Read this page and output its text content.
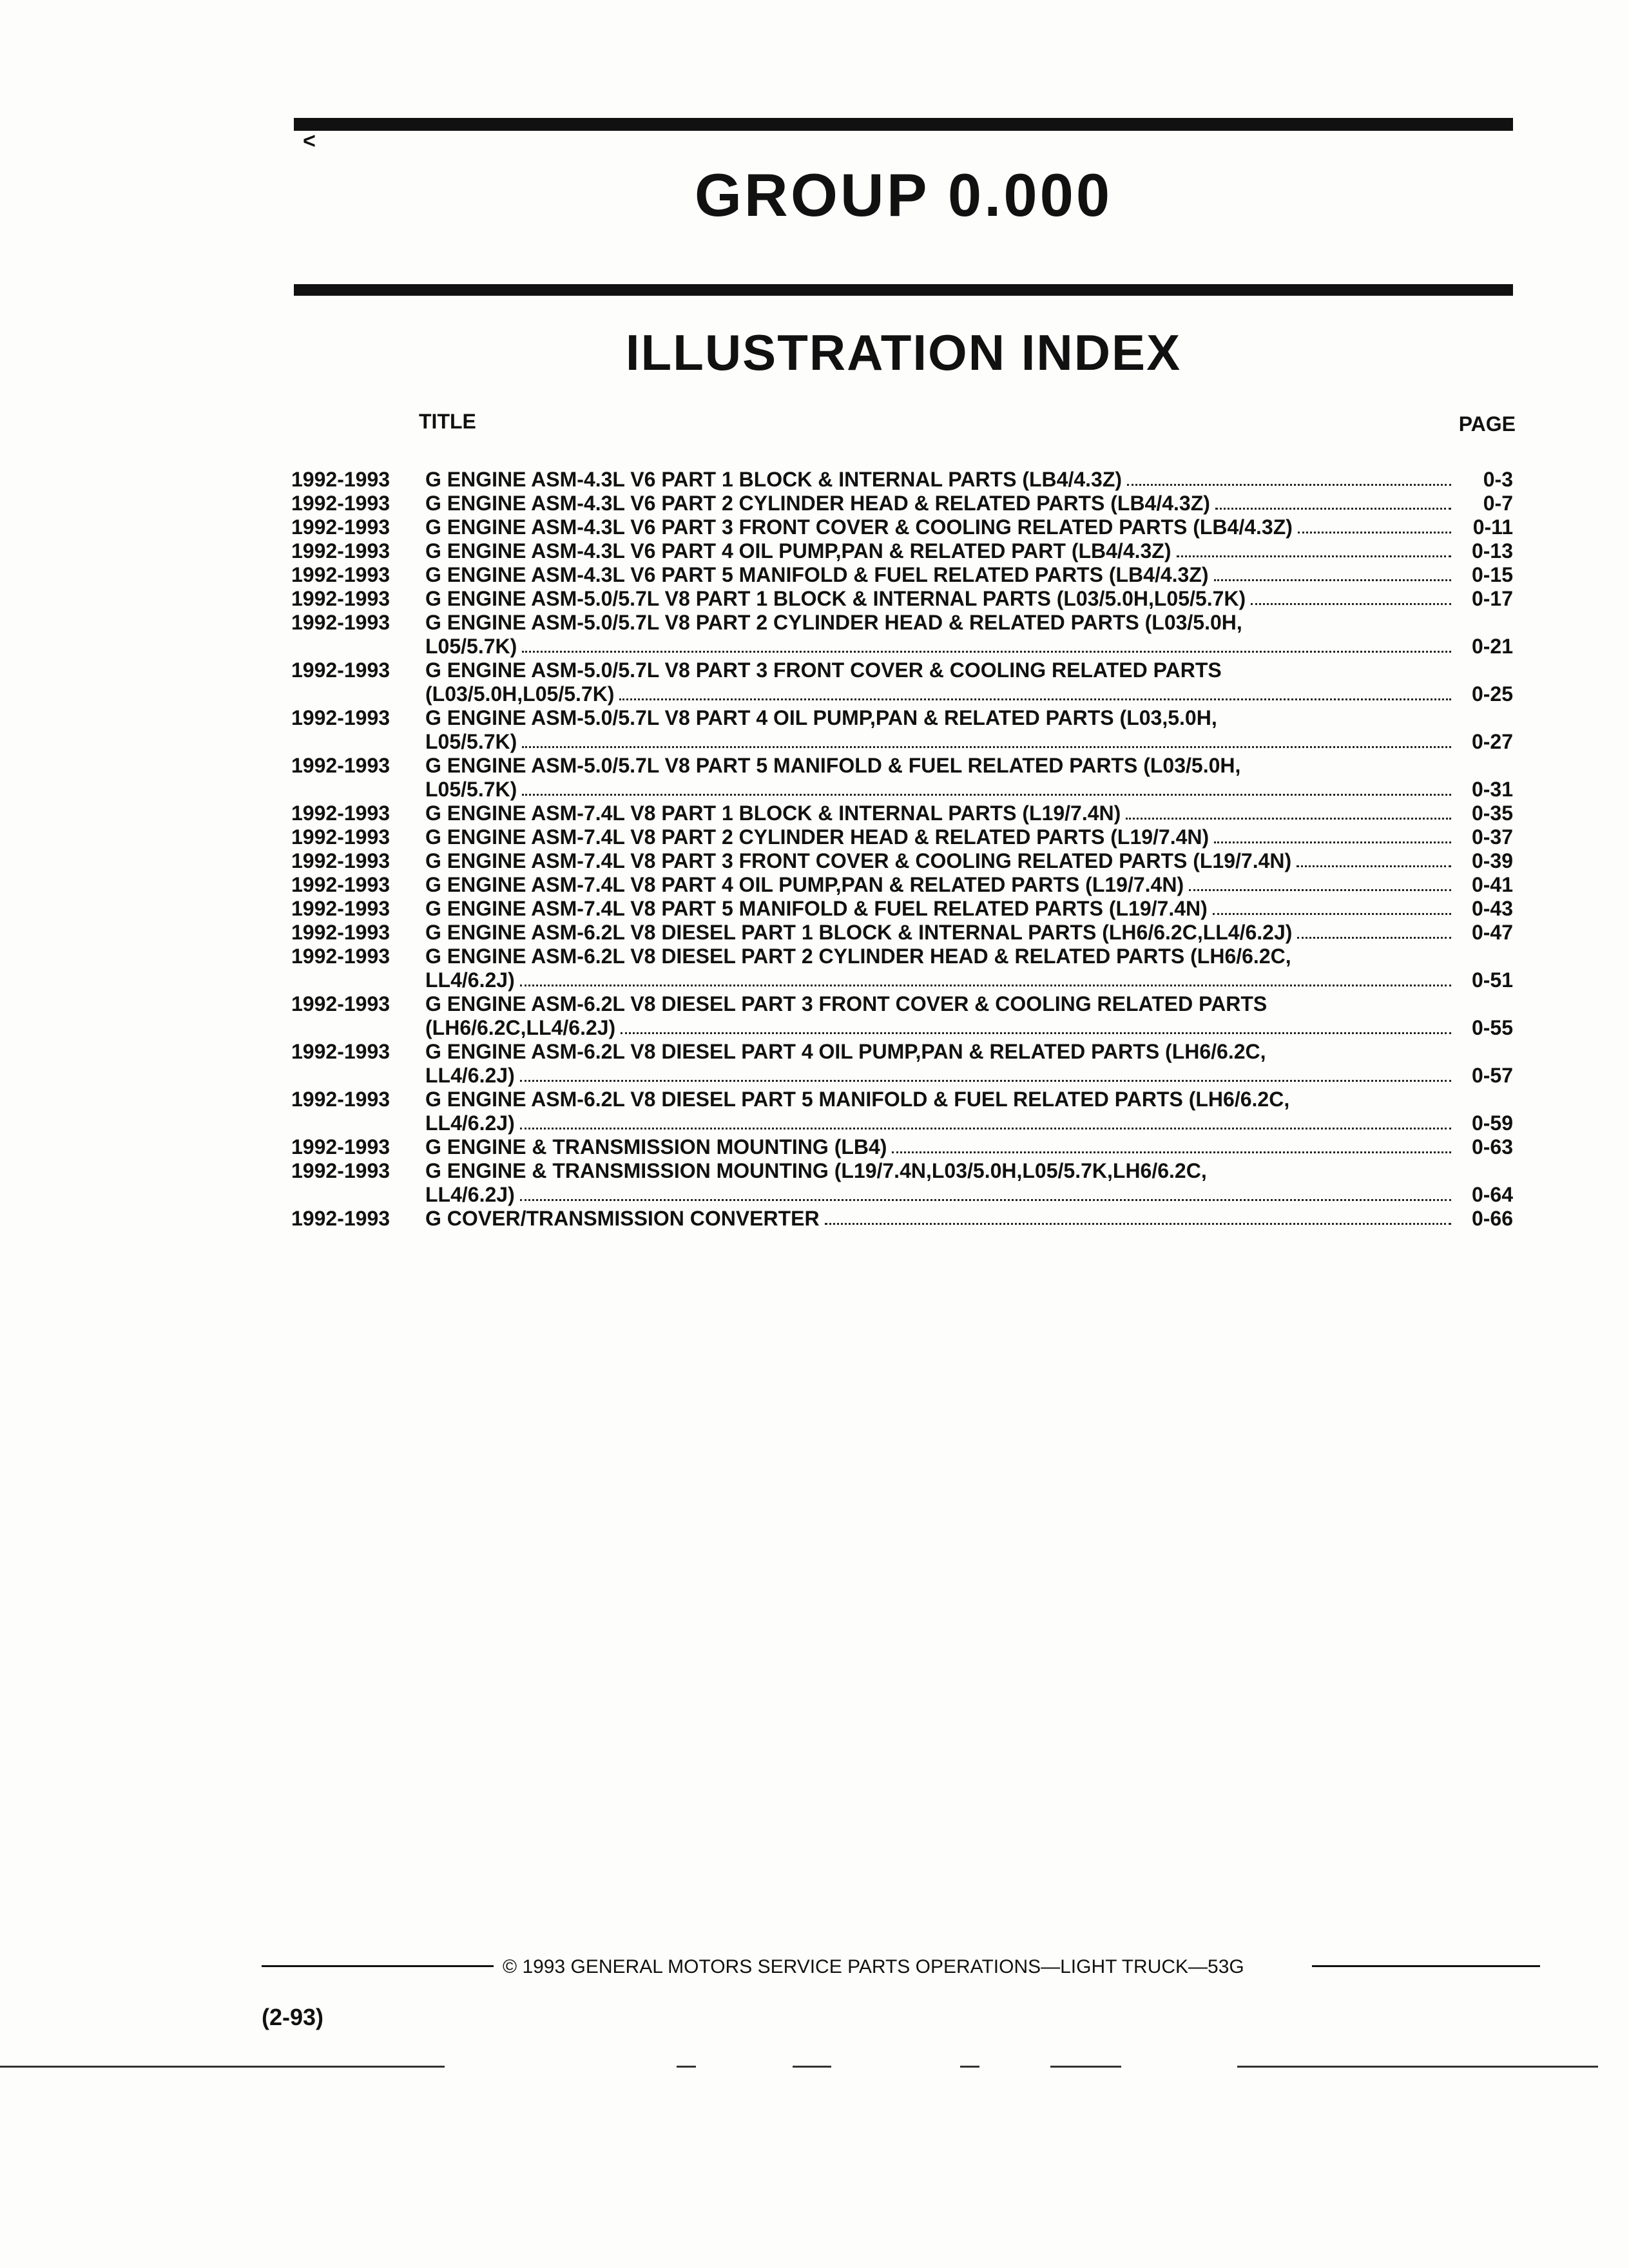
<
GROUP 0.000
ILLUSTRATION INDEX
TITLE	PAGE
1992-1993	G ENGINE ASM-4.3L V6 PART 1 BLOCK & INTERNAL PARTS (LB4/4.3Z)	0-3
1992-1993	G ENGINE ASM-4.3L V6 PART 2 CYLINDER HEAD & RELATED PARTS (LB4/4.3Z)	0-7
1992-1993	G ENGINE ASM-4.3L V6 PART 3 FRONT COVER & COOLING RELATED PARTS (LB4/4.3Z)	0-11
1992-1993	G ENGINE ASM-4.3L V6 PART 4 OIL PUMP,PAN & RELATED PART (LB4/4.3Z)	0-13
1992-1993	G ENGINE ASM-4.3L V6 PART 5 MANIFOLD & FUEL RELATED PARTS (LB4/4.3Z)	0-15
1992-1993	G ENGINE ASM-5.0/5.7L V8 PART 1 BLOCK & INTERNAL PARTS (L03/5.0H,L05/5.7K)	0-17
1992-1993	G ENGINE ASM-5.0/5.7L V8 PART 2 CYLINDER HEAD & RELATED PARTS (L03/5.0H,
L05/5.7K)	0-21
1992-1993	G ENGINE ASM-5.0/5.7L V8 PART 3 FRONT COVER & COOLING RELATED PARTS
(L03/5.0H,L05/5.7K)	0-25
1992-1993	G ENGINE ASM-5.0/5.7L V8 PART 4 OIL PUMP,PAN & RELATED PARTS (L03,5.0H,
L05/5.7K)	0-27
1992-1993	G ENGINE ASM-5.0/5.7L V8 PART 5 MANIFOLD & FUEL RELATED PARTS (L03/5.0H,
L05/5.7K)	0-31
1992-1993	G ENGINE ASM-7.4L V8 PART 1 BLOCK & INTERNAL PARTS (L19/7.4N)	0-35
1992-1993	G ENGINE ASM-7.4L V8 PART 2 CYLINDER HEAD & RELATED PARTS (L19/7.4N)	0-37
1992-1993	G ENGINE ASM-7.4L V8 PART 3 FRONT COVER & COOLING RELATED PARTS (L19/7.4N)	0-39
1992-1993	G ENGINE ASM-7.4L V8 PART 4 OIL PUMP,PAN & RELATED PARTS (L19/7.4N)	0-41
1992-1993	G ENGINE ASM-7.4L V8 PART 5 MANIFOLD & FUEL RELATED PARTS (L19/7.4N)	0-43
1992-1993	G ENGINE ASM-6.2L V8 DIESEL PART 1 BLOCK & INTERNAL PARTS (LH6/6.2C,LL4/6.2J)	0-47
1992-1993	G ENGINE ASM-6.2L V8 DIESEL PART 2 CYLINDER HEAD & RELATED PARTS (LH6/6.2C,
LL4/6.2J)	0-51
1992-1993	G ENGINE ASM-6.2L V8 DIESEL PART 3 FRONT COVER & COOLING RELATED PARTS
(LH6/6.2C,LL4/6.2J)	0-55
1992-1993	G ENGINE ASM-6.2L V8 DIESEL PART 4 OIL PUMP,PAN & RELATED PARTS (LH6/6.2C,
LL4/6.2J)	0-57
1992-1993	G ENGINE ASM-6.2L V8 DIESEL PART 5 MANIFOLD & FUEL RELATED PARTS (LH6/6.2C,
LL4/6.2J)	0-59
1992-1993	G ENGINE & TRANSMISSION MOUNTING (LB4)	0-63
1992-1993	G ENGINE & TRANSMISSION MOUNTING (L19/7.4N,L03/5.0H,L05/5.7K,LH6/6.2C,
LL4/6.2J)	0-64
1992-1993	G COVER/TRANSMISSION CONVERTER	0-66
© 1993 GENERAL MOTORS SERVICE PARTS OPERATIONS—LIGHT TRUCK—53G
(2-93)
